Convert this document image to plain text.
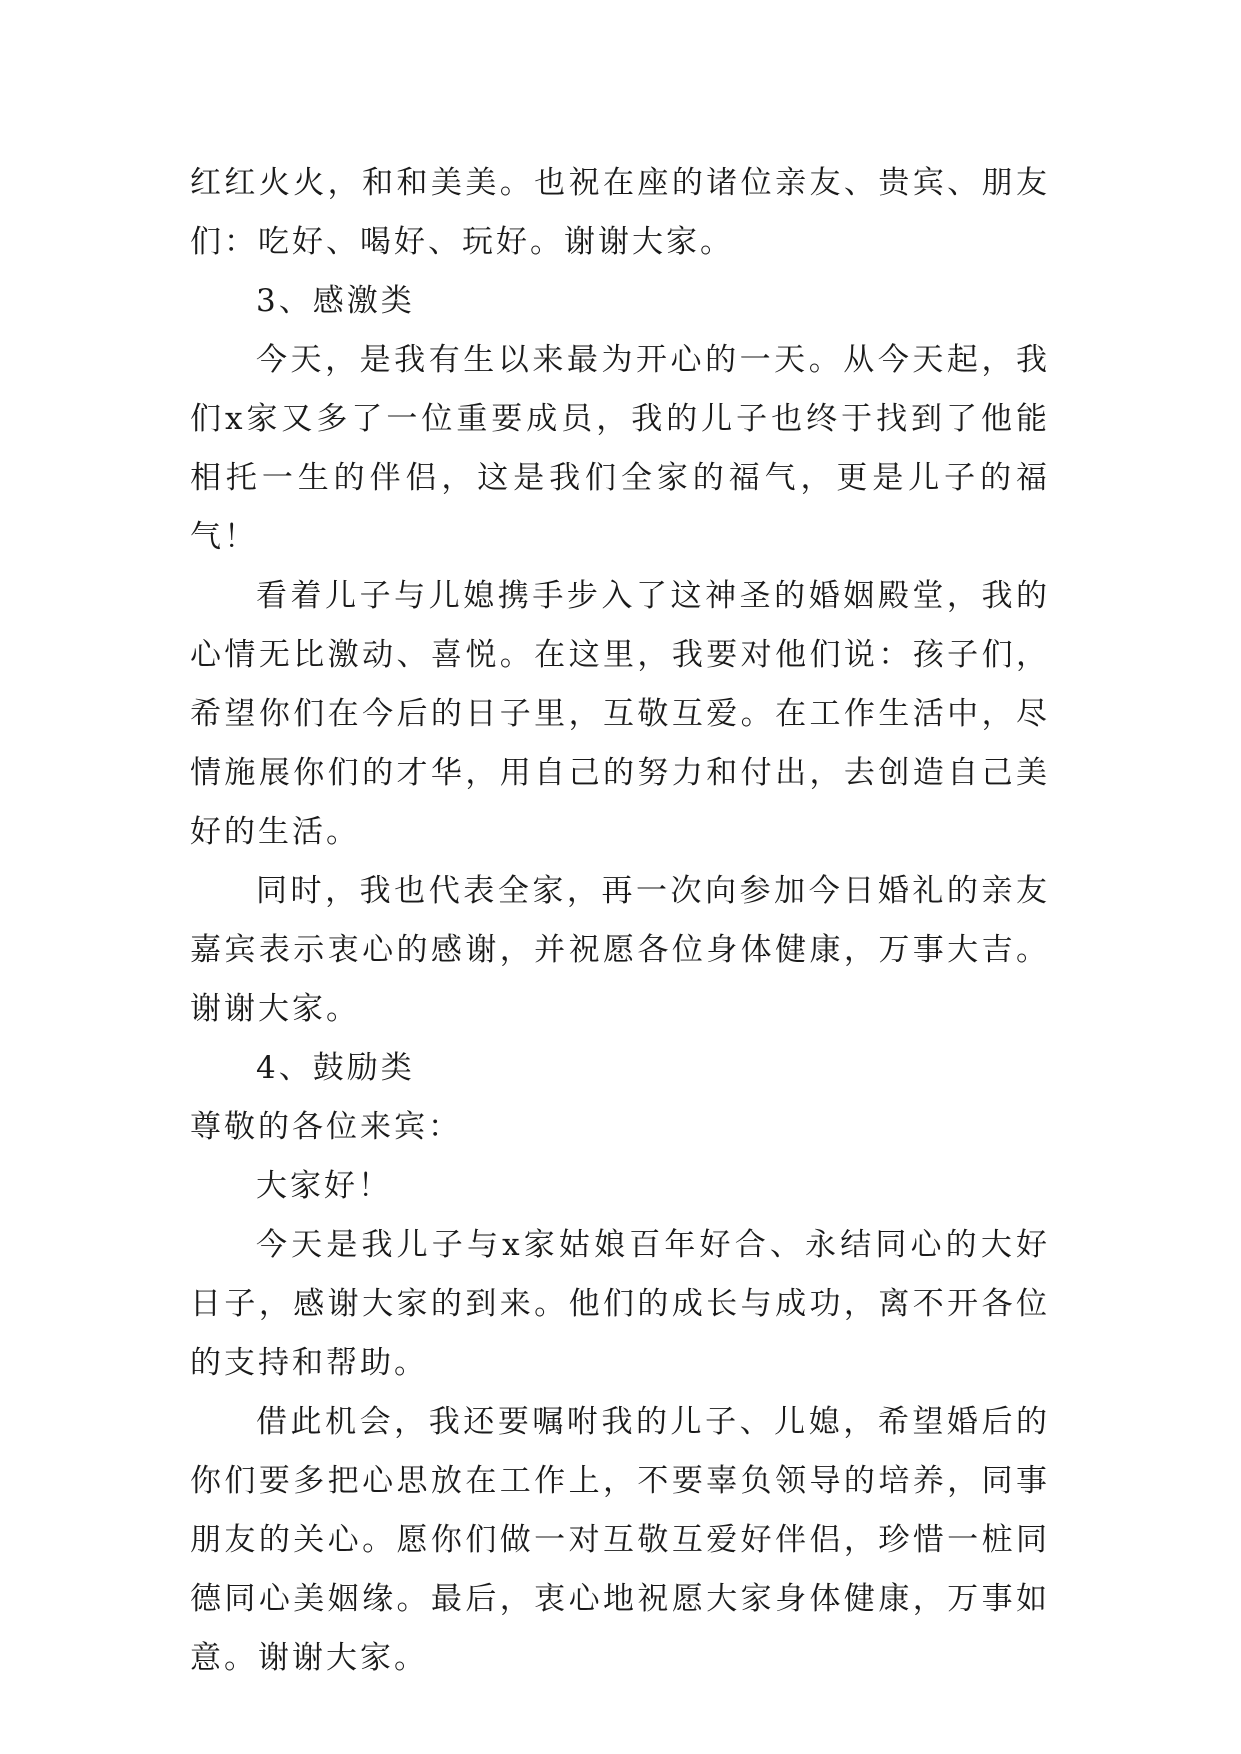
红红火火，和和美美。也祝在座的诸位亲友、贵宾、朋友们：吃好、喝好、玩好。谢谢大家。

3、感激类

今天，是我有生以来最为开心的一天。从今天起，我们x家又多了一位重要成员，我的儿子也终于找到了他能相托一生的伴侣，这是我们全家的福气，更是儿子的福气！

看着儿子与儿媳携手步入了这神圣的婚姻殿堂，我的心情无比激动、喜悦。在这里，我要对他们说：孩子们，希望你们在今后的日子里，互敬互爱。在工作生活中，尽情施展你们的才华，用自己的努力和付出，去创造自己美好的生活。

同时，我也代表全家，再一次向参加今日婚礼的亲友嘉宾表示衷心的感谢，并祝愿各位身体健康，万事大吉。谢谢大家。

4、鼓励类

尊敬的各位来宾：

大家好！

今天是我儿子与x家姑娘百年好合、永结同心的大好日子，感谢大家的到来。他们的成长与成功，离不开各位的支持和帮助。

借此机会，我还要嘱咐我的儿子、儿媳，希望婚后的你们要多把心思放在工作上，不要辜负领导的培养，同事朋友的关心。愿你们做一对互敬互爱好伴侣，珍惜一桩同德同心美姻缘。最后，衷心地祝愿大家身体健康，万事如意。谢谢大家。
